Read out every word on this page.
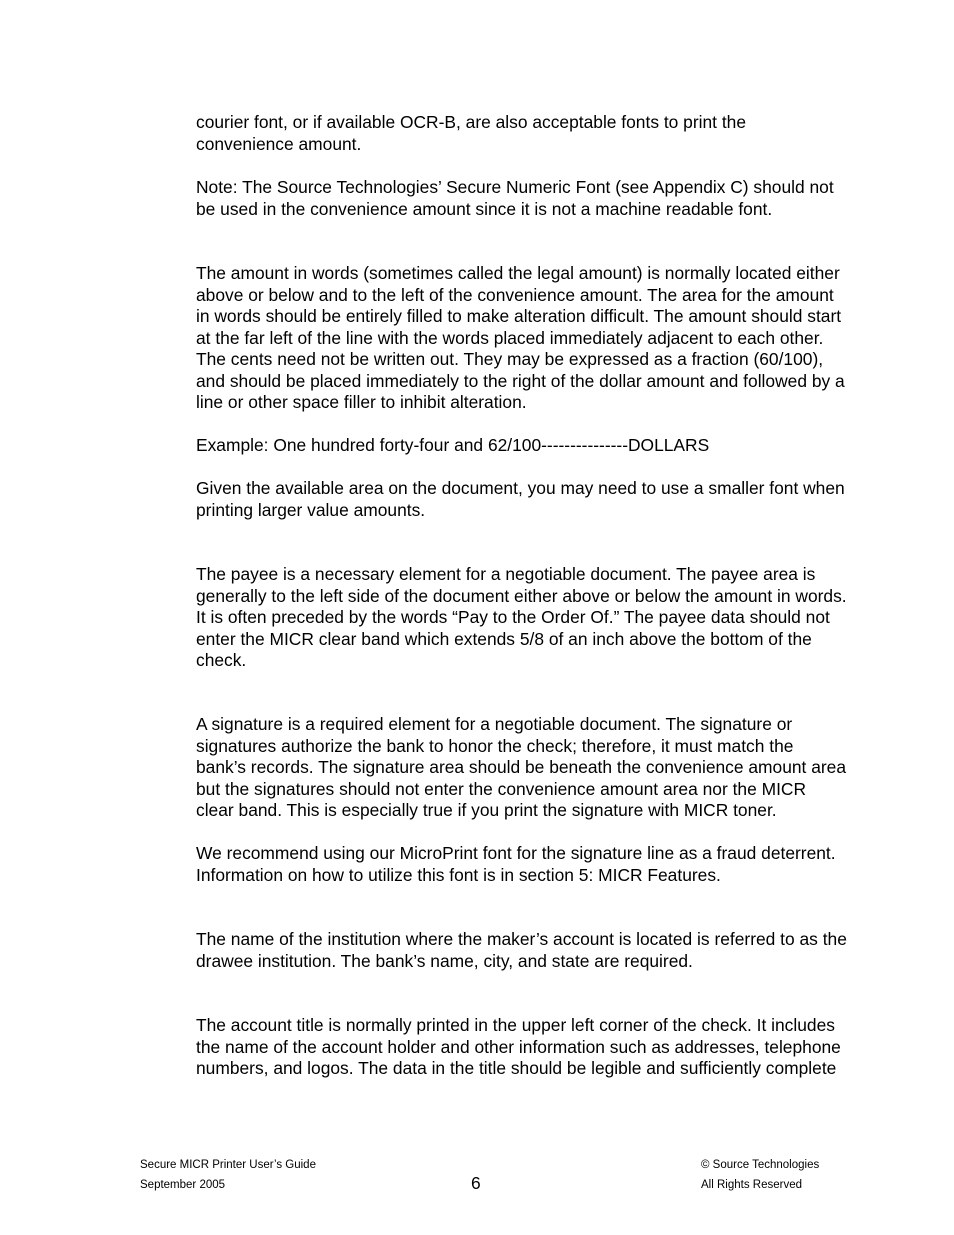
courier font, or if available OCR-B, are also acceptable fonts to print the
convenience amount.

Note: The Source Technologies’ Secure Numeric Font (see Appendix C) should not
be used in the convenience amount since it is not a machine readable font.

The amount in words (sometimes called the legal amount) is normally located either
above or below and to the left of the convenience amount. The area for the amount
in words should be entirely filled to make alteration difficult. The amount should start
at the far left of the line with the words placed immediately adjacent to each other.
The cents need not be written out. They may be expressed as a fraction (60/100),
and should be placed immediately to the right of the dollar amount and followed by a
line or other space filler to inhibit alteration.

Example: One hundred forty-four and 62/100---------------DOLLARS

Given the available area on the document, you may need to use a smaller font when
printing larger value amounts.

The payee is a necessary element for a negotiable document. The payee area is
generally to the left side of the document either above or below the amount in words.
It is often preceded by the words “Pay to the Order Of.” The payee data should not
enter the MICR clear band which extends 5/8 of an inch above the bottom of the
check.

A signature is a required element for a negotiable document. The signature or
signatures authorize the bank to honor the check; therefore, it must match the
bank’s records. The signature area should be beneath the convenience amount area
but the signatures should not enter the convenience amount area nor the MICR
clear band. This is especially true if you print the signature with MICR toner.

We recommend using our MicroPrint font for the signature line as a fraud deterrent.
Information on how to utilize this font is in section 5: MICR Features.

The name of the institution where the maker’s account is located is referred to as the
drawee institution. The bank’s name, city, and state are required.

The account title is normally printed in the upper left corner of the check. It includes
the name of the account holder and other information such as addresses, telephone
numbers, and logos. The data in the title should be legible and sufficiently complete

Secure MICR Printer User’s Guide

September 2005	6

© Source Technologies

All Rights Reserved
